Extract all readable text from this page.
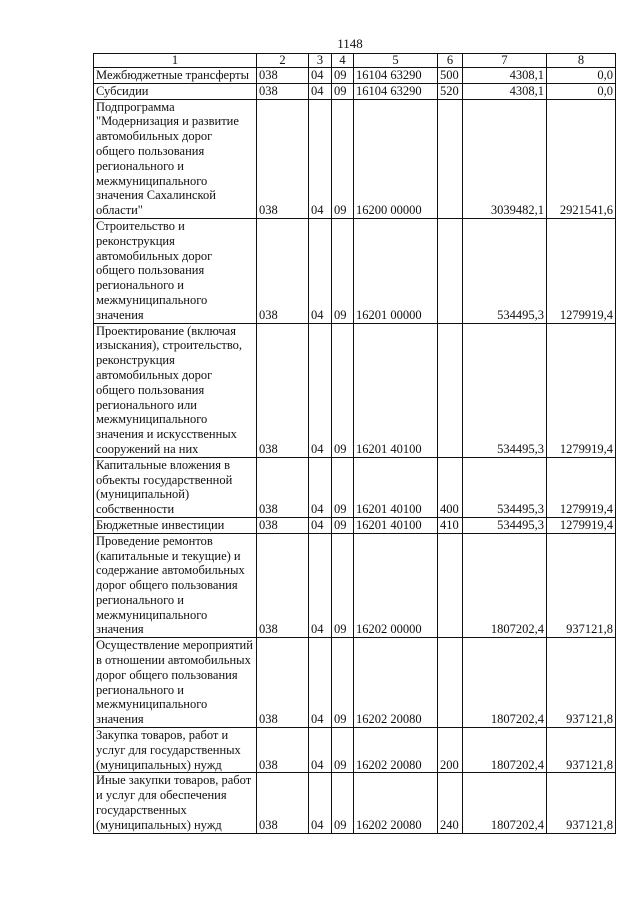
1148
1	2	3	4	5	6	7	8
Межбюджетные трансферты	038	04	09	16104 63290	500	4308,1	0,0
Субсидии	038	04	09	16104 63290	520	4308,1	0,0
Подпрограмма "Модернизация и развитие автомобильных дорог общего пользования регионального и межмуниципального значения Сахалинской области"	038	04	09	16200 00000		3039482,1	2921541,6
Строительство и реконструкция автомобильных дорог общего пользования регионального и межмуниципального значения	038	04	09	16201 00000		534495,3	1279919,4
Проектирование (включая изыскания), строительство, реконструкция автомобильных дорог общего пользования регионального или межмуниципального значения и искусственных сооружений на них	038	04	09	16201 40100		534495,3	1279919,4
Капитальные вложения в объекты государственной (муниципальной) собственности	038	04	09	16201 40100	400	534495,3	1279919,4
Бюджетные инвестиции	038	04	09	16201 40100	410	534495,3	1279919,4
Проведение ремонтов (капитальные и текущие) и содержание автомобильных дорог общего пользования регионального и межмуниципального значения	038	04	09	16202 00000		1807202,4	937121,8
Осуществление мероприятий в отношении автомобильных дорог общего пользования регионального и межмуниципального значения	038	04	09	16202 20080		1807202,4	937121,8
Закупка товаров, работ и услуг для государственных (муниципальных) нужд	038	04	09	16202 20080	200	1807202,4	937121,8
Иные закупки товаров, работ и услуг для обеспечения государственных (муниципальных) нужд	038	04	09	16202 20080	240	1807202,4	937121,8
